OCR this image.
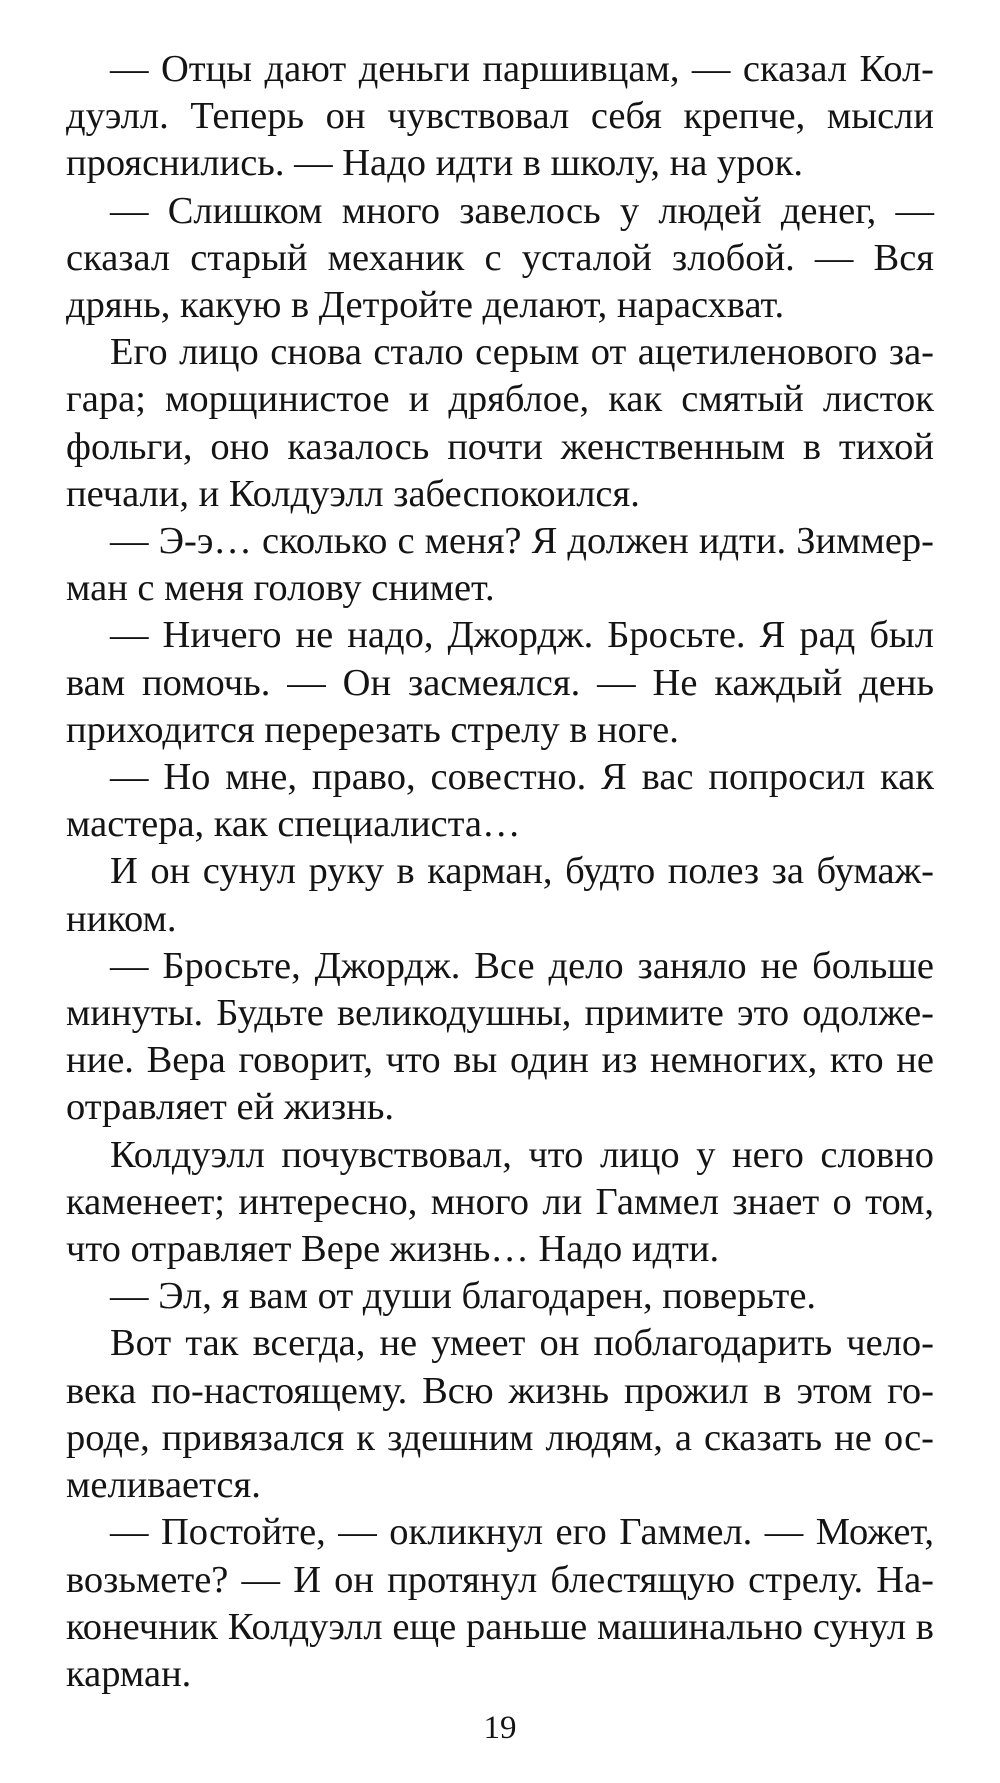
— Отцы дают деньги паршивцам, — сказал Колдуэлл. Теперь он чувствовал себя крепче, мысли прояснились. — Надо идти в школу, на урок.

— Слишком много завелось у людей денег, — сказал старый механик с усталой злобой. — Вся дрянь, какую в Детройте делают, нарасхват.

Его лицо снова стало серым от ацетиленового загара; морщинистое и дряблое, как смятый листок фольги, оно казалось почти женственным в тихой печали, и Колдуэлл забеспокоился.

— Э-э… сколько с меня? Я должен идти. Зиммерман с меня голову снимет.

— Ничего не надо, Джордж. Бросьте. Я рад был вам помочь. — Он засмеялся. — Не каждый день приходится перерезать стрелу в ноге.

— Но мне, право, совестно. Я вас попросил как мастера, как специалиста…

И он сунул руку в карман, будто полез за бумажником.

— Бросьте, Джордж. Все дело заняло не больше минуты. Будьте великодушны, примите это одолжение. Вера говорит, что вы один из немногих, кто не отравляет ей жизнь.

Колдуэлл почувствовал, что лицо у него словно каменеет; интересно, много ли Гаммел знает о том, что отравляет Вере жизнь… Надо идти.

— Эл, я вам от души благодарен, поверьте.

Вот так всегда, не умеет он поблагодарить человека по-настоящему. Всю жизнь прожил в этом городе, привязался к здешним людям, а сказать не осмеливается.

— Постойте, — окликнул его Гаммел. — Может, возьмете? — И он протянул блестящую стрелу. Наконечник Колдуэлл еще раньше машинально сунул в карман.

19
